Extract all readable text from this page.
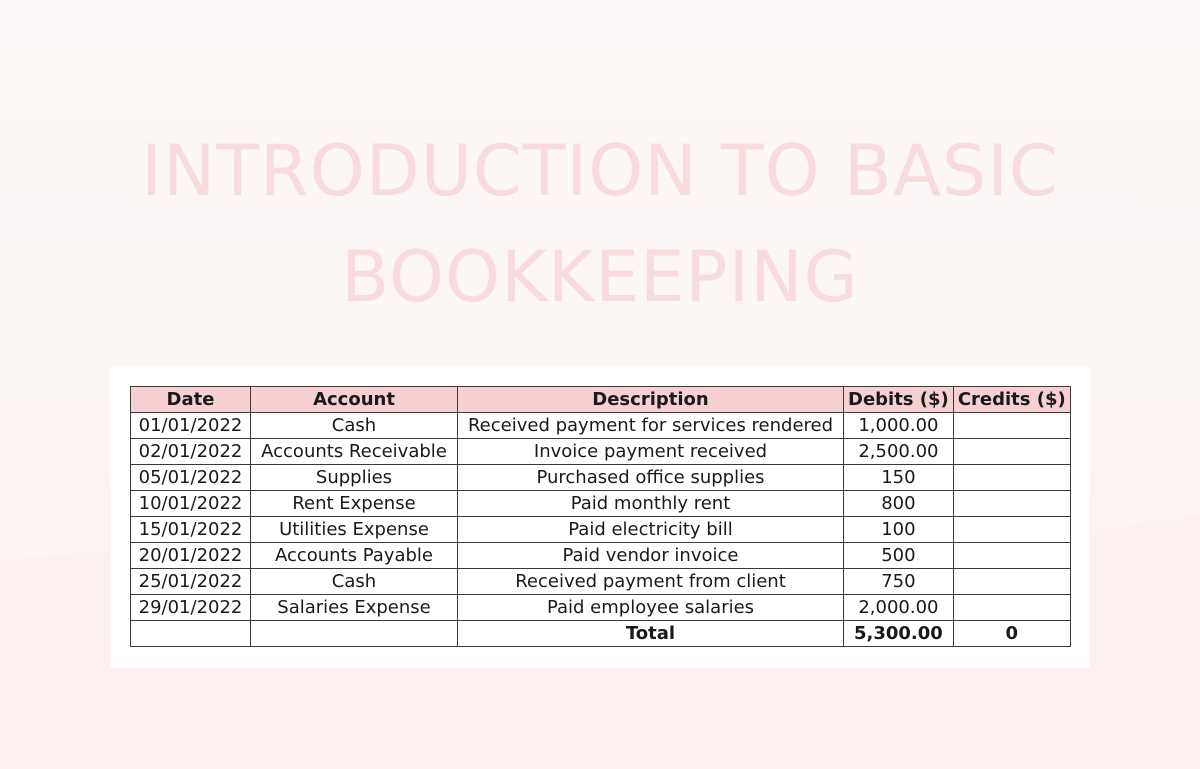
INTRODUCTION TO BASIC
BOOKKEEPING
Date	Account	Description	Debits ($)	Credits ($)
01/01/2022	Cash	Received payment for services rendered	1,000.00	
02/01/2022	Accounts Receivable	Invoice payment received	2,500.00	
05/01/2022	Supplies	Purchased office supplies	150	
10/01/2022	Rent Expense	Paid monthly rent	800	
15/01/2022	Utilities Expense	Paid electricity bill	100	
20/01/2022	Accounts Payable	Paid vendor invoice	500	
25/01/2022	Cash	Received payment from client	750	
29/01/2022	Salaries Expense	Paid employee salaries	2,000.00	
		Total	5,300.00	0
